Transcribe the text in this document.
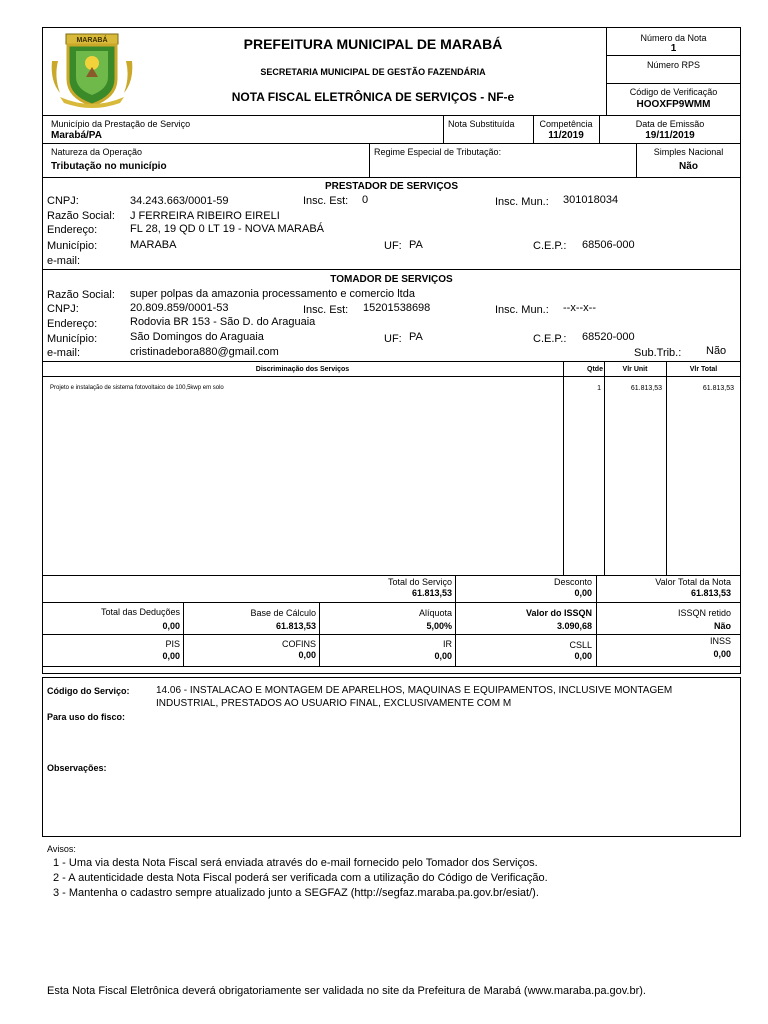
MARABÁ	PREFEITURA MUNICIPAL DE MARABÁ
SECRETARIA MUNICIPAL DE GESTÃO FAZENDÁRIA
NOTA FISCAL ELETRÔNICA DE SERVIÇOS - NF-e
Número da Nota
1
Número RPS
Código de Verificação
HOOXFP9WMM
Município da Prestação de Serviço
Marabá/PA
Nota Substituída	Competência
11/2019
Data de Emissão
19/11/2019
Natureza da Operação
Tributação no município
Regime Especial de Tributação:	Simples Nacional
Não
PRESTADOR DE SERVIÇOS
CNPJ:	34.243.663/0001-59	Insc. Est: 0	Insc. Mun.: 301018034
Razão Social: J FERREIRA RIBEIRO EIRELI
Endereço:	FL 28, 19 QD 0 LT 19 - NOVA MARABÁ
Município:	MARABA	UF: PA	C.E.P.: 68506-000
e-mail:
TOMADOR DE SERVIÇOS
Razão Social: super polpas da amazonia processamento e comercio ltda
CNPJ:	20.809.859/0001-53	Insc. Est: 15201538698	Insc. Mun.: --x--x--
Endereço:	Rodovia BR 153 - São D. do Araguaia
Município:	São Domingos do Araguaia	UF: PA	C.E.P.: 68520-000
e-mail:	cristinadebora880@gmail.com	Sub.Trib.: Não
Discriminação dos Serviços	Qtde	Vlr Unit	Vlr Total
Projeto e instalação de sistema fotovoltaico de 100,5kwp em solo	1	61.813,53	61.813,53
Total do Serviço
61.813,53
Desconto
0,00
Valor Total da Nota
61.813,53
Total das Deduções
0,00
Base de Cálculo
61.813,53
Alíquota
5,00%
Valor do ISSQN
3.090,68
ISSQN retido
Não
PIS
0,00
COFINS
0,00
IR
0,00
CSLL
0,00
INSS
0,00
Código do Serviço:	14.06 - INSTALACAO E MONTAGEM DE APARELHOS, MAQUINAS E EQUIPAMENTOS, INCLUSIVE MONTAGEM
INDUSTRIAL, PRESTADOS AO USUARIO FINAL, EXCLUSIVAMENTE COM M
Para uso do fisco:
Observações:
Avisos:
1 - Uma via desta Nota Fiscal será enviada através do e-mail fornecido pelo Tomador dos Serviços.
2 - A autenticidade desta Nota Fiscal poderá ser verificada com a utilização do Código de Verificação.
3 - Mantenha o cadastro sempre atualizado junto a SEGFAZ (http://segfaz.maraba.pa.gov.br/esiat/).
Esta Nota Fiscal Eletrônica deverá obrigatoriamente ser validada no site da Prefeitura de Marabá (www.maraba.pa.gov.br).
